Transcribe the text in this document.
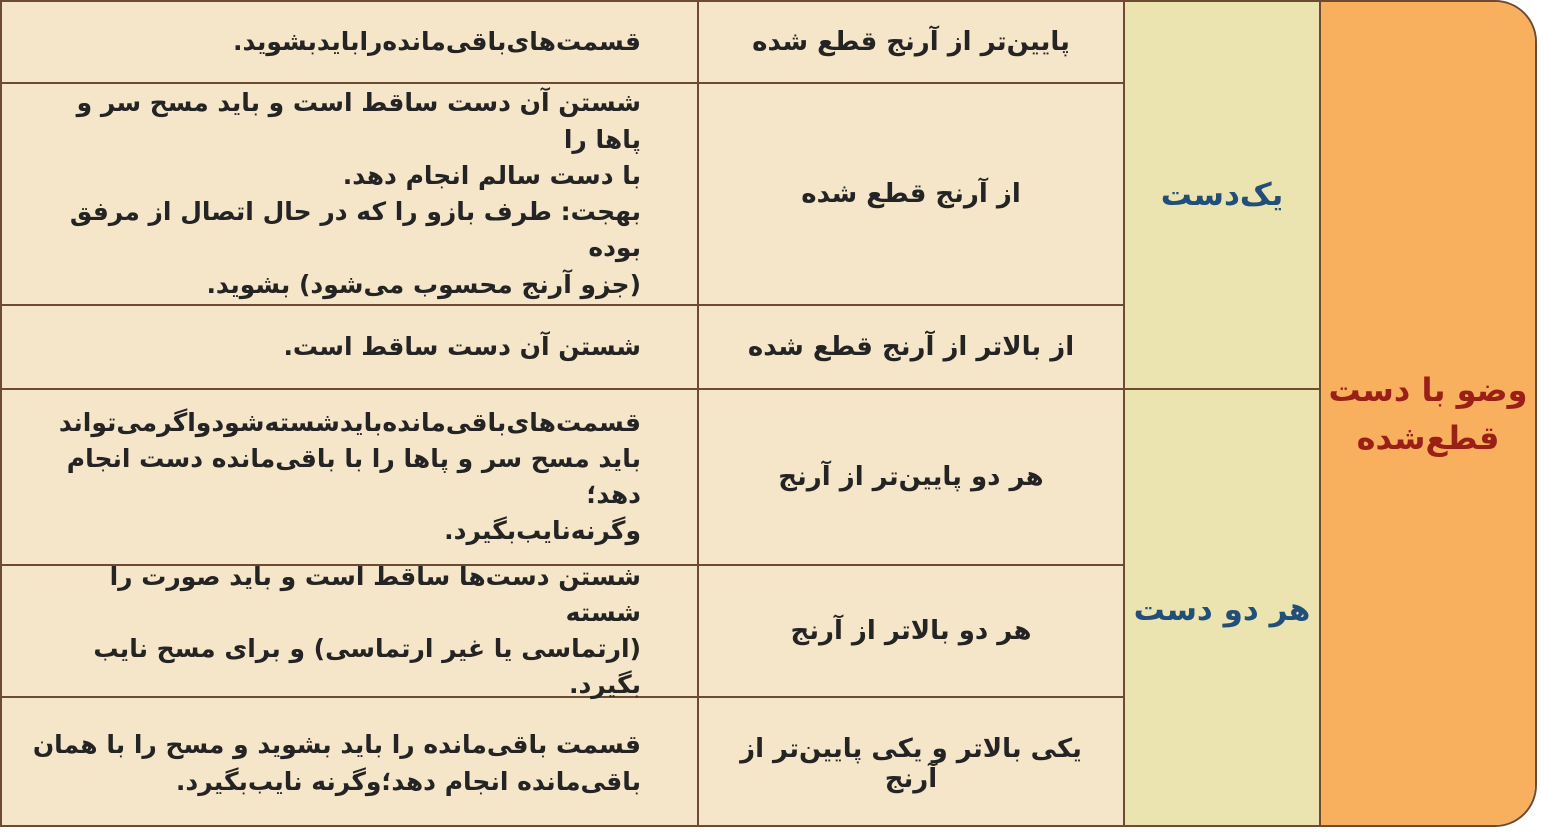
وضو با دست
قطع‌شده
یک‌دست
هر دو دست
پایین‌تر از آرنج قطع شده
قسمت‌های‌باقی‌مانده‌رابایدبشوید.
از آرنج قطع شده
شستن آن دست ساقط است و باید مسح سر و پاها را
با دست سالم انجام دهد.
بهجت: طرف بازو را که در حال اتصال از مرفق بوده
(جزو آرنج محسوب می‌شود) بشوید.
از بالاتر از آرنج قطع شده
شستن آن دست ساقط است.
هر دو پایین‌تر از آرنج
قسمت‌های‌باقی‌مانده‌بایدشسته‌شودواگرمی‌تواند
باید مسح سر و پاها را با باقی‌مانده دست انجام دهد؛
وگرنه‌نایب‌بگیرد.
هر دو بالاتر از آرنج
شستن دست‌ها ساقط است و باید صورت را شسته
(ارتماسی یا غیر ارتماسی) و برای مسح نایب بگیرد.
یکی بالاتر و یکی پایین‌تر از آرنج
قسمت باقی‌مانده را باید بشوید و مسح را با همان
باقی‌مانده انجام دهد؛وگرنه نایب‌بگیرد.
